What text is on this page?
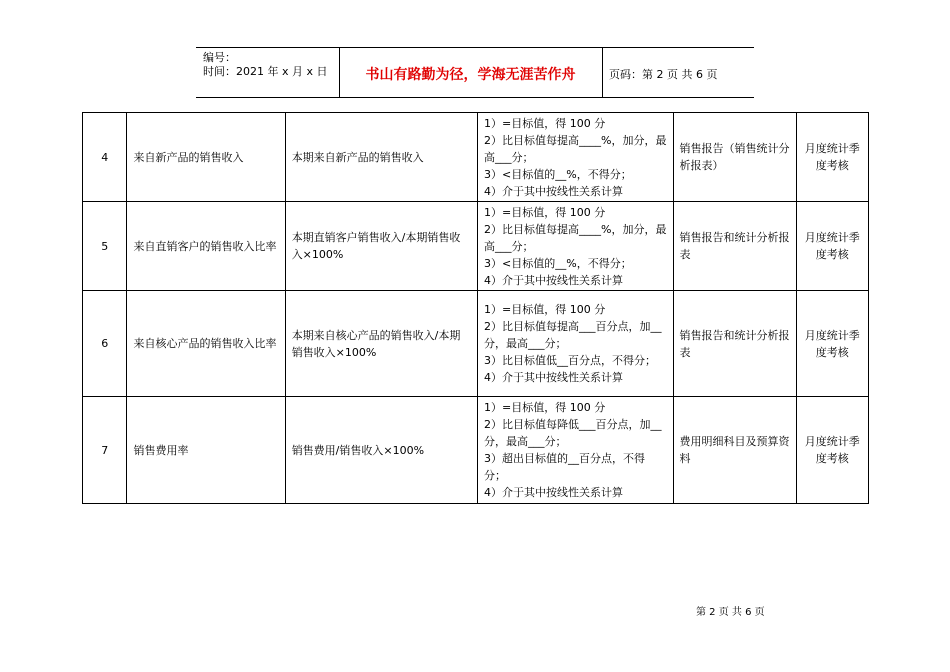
编号：
时间：2021 年 x 月 x 日	书山有路勤为径，学海无涯苦作舟	页码：第 2 页 共 6 页
4	来自新产品的销售收入	本期来自新产品的销售收入	1）=目标值，得 100 分
2）比目标值每提高____%，加分，最高___分；
3）<目标值的__%，不得分；
4）介于其中按线性关系计算	销售报告（销售统计分析报表）	月度统计季度考核
5	来自直销客户的销售收入比率	本期直销客户销售收入/本期销售收入×100%	1）=目标值，得 100 分
2）比目标值每提高____%，加分，最高___分；
3）<目标值的__%，不得分；
4）介于其中按线性关系计算	销售报告和统计分析报表	月度统计季度考核
6	来自核心产品的销售收入比率	本期来自核心产品的销售收入/本期销售收入×100%	1）=目标值，得 100 分
2）比目标值每提高___百分点，加__分，最高___分；
3）比目标值低__百分点，不得分；
4）介于其中按线性关系计算	销售报告和统计分析报表	月度统计季度考核
7	销售费用率	销售费用/销售收入×100%	1）=目标值，得 100 分
2）比目标值每降低___百分点，加__分，最高___分；
3）超出目标值的__百分点，不得分；
4）介于其中按线性关系计算	费用明细科目及预算资料	月度统计季度考核
第 2 页 共 6 页
